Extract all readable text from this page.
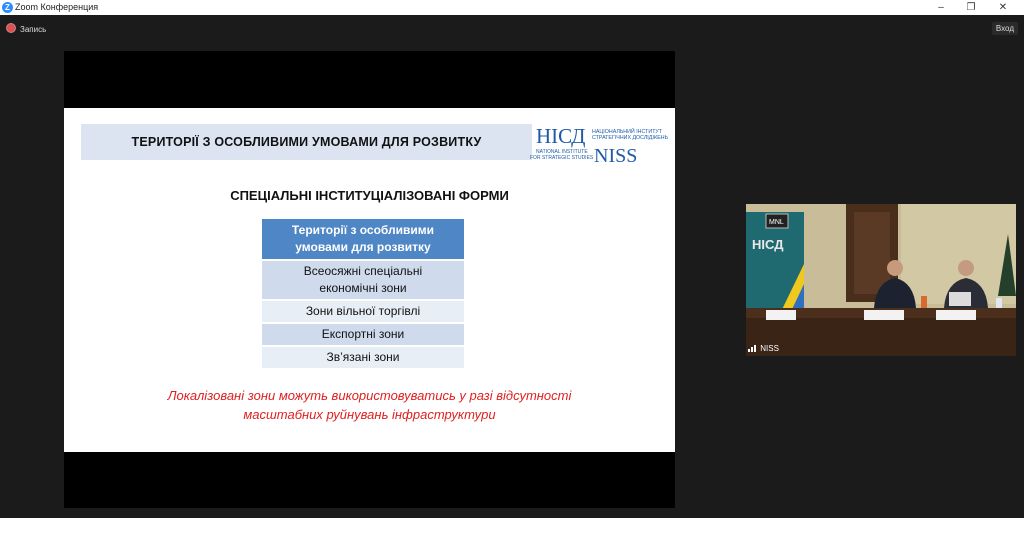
Z Zoom Конференция	–	❐	✕
Запись	Вход
ТЕРИТОРІЇ З ОСОБЛИВИМИ УМОВАМИ ДЛЯ РОЗВИТКУ	НІСД НАЦІОНАЛЬНИЙ ІНСТИТУТ
СТРАТЕГІЧНИХ ДОСЛІДЖЕНЬ
NATIONAL INSTITUTE
FOR STRATEGIC STUDIES NISS
СПЕЦІАЛЬНІ ІНСТИТУЦІАЛІЗОВАНІ ФОРМИ
Території з особливими
умовами для розвитку
Всеосяжні спеціальні
економічні зони
Зони вільної торгівлі
Експортні зони
Зв’язані зони
Локалізовані зони можуть використовуватись у разі відсутності
масштабних руйнувань інфраструктури
НІСД
MNL
NISS
